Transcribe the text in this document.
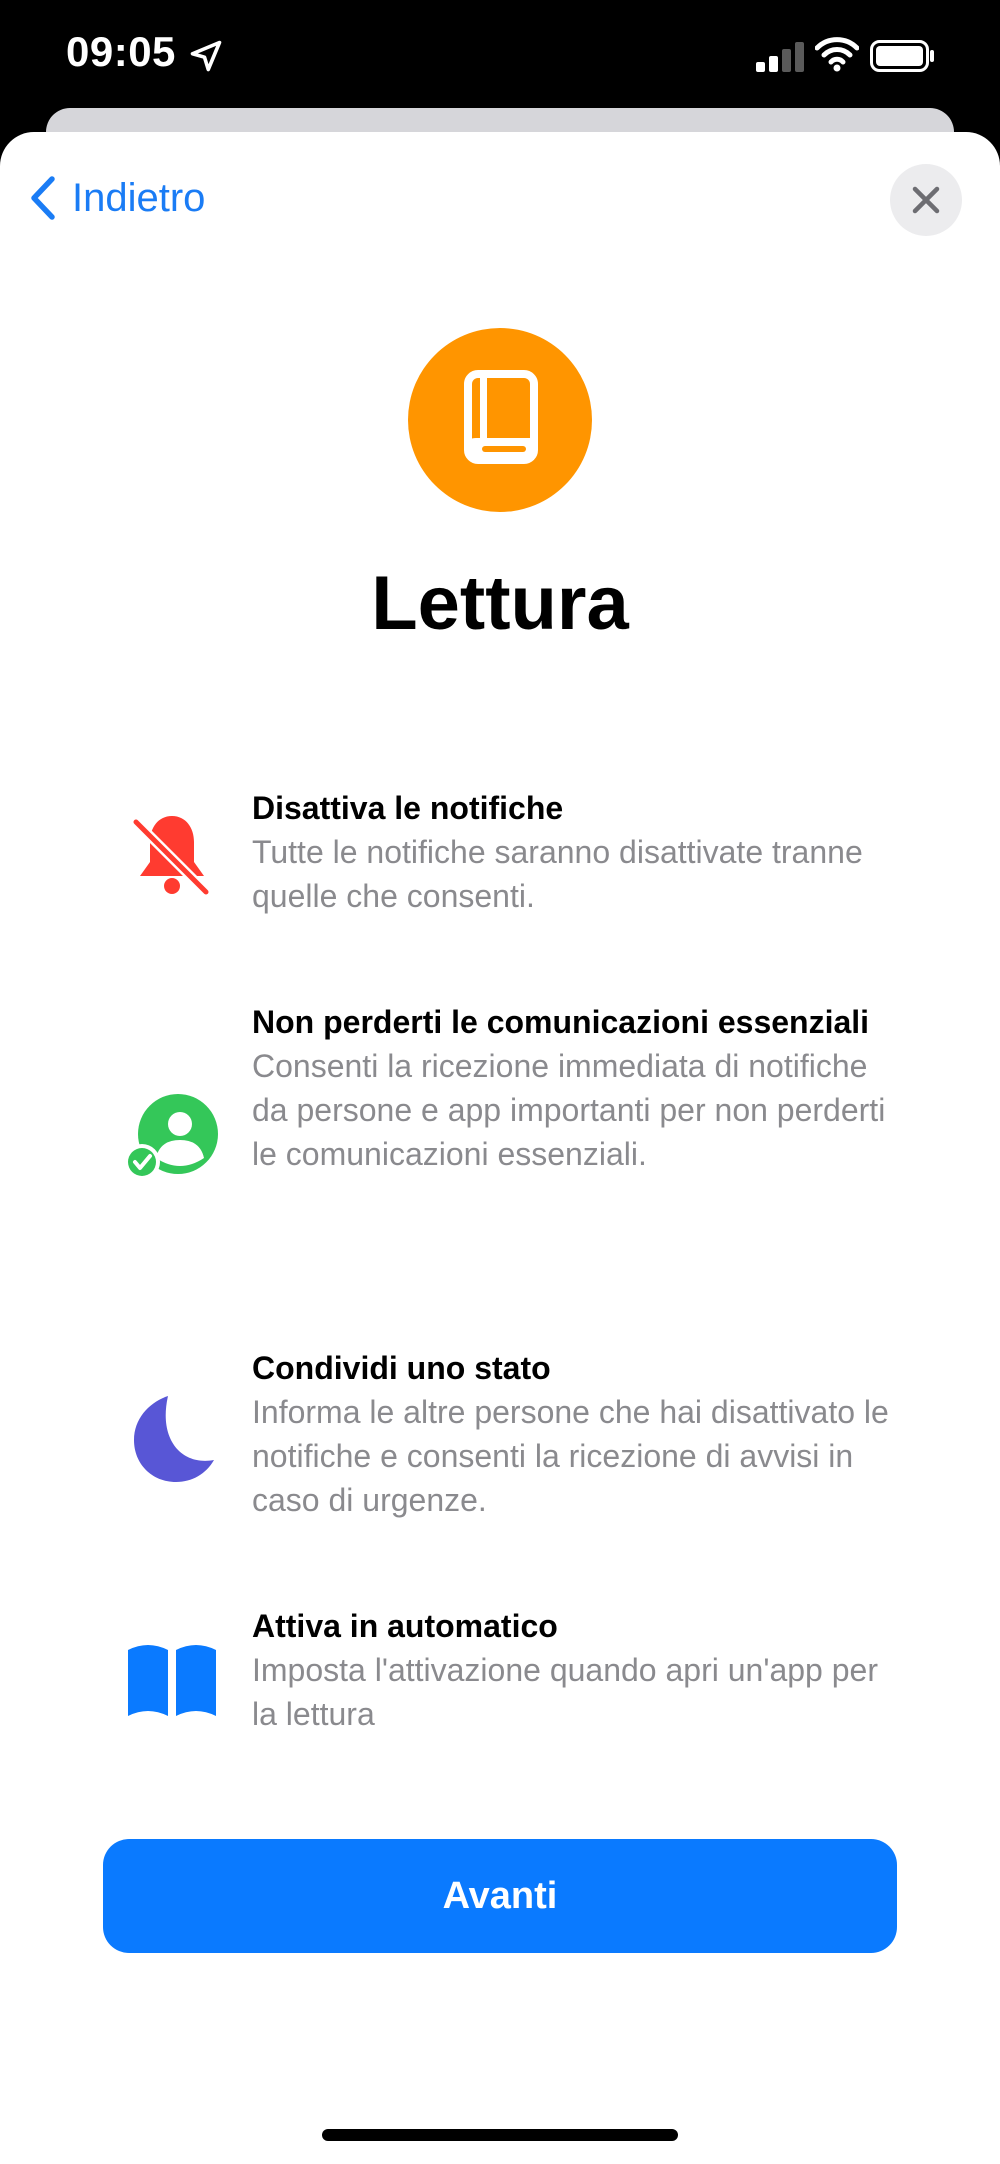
09:05
Indietro
Lettura
Disattiva le notifiche
Tutte le notifiche saranno disattivate tranne quelle che consenti.
Non perderti le comunicazioni essenziali
Consenti la ricezione immediata di notifiche da persone e app importanti per non perderti le comunicazioni essenziali.
Condividi uno stato
Informa le altre persone che hai disattivato le notifiche e consenti la ricezione di avvisi in caso di urgenze.
Attiva in automatico
Imposta l'attivazione quando apri un'app per la lettura
Avanti
